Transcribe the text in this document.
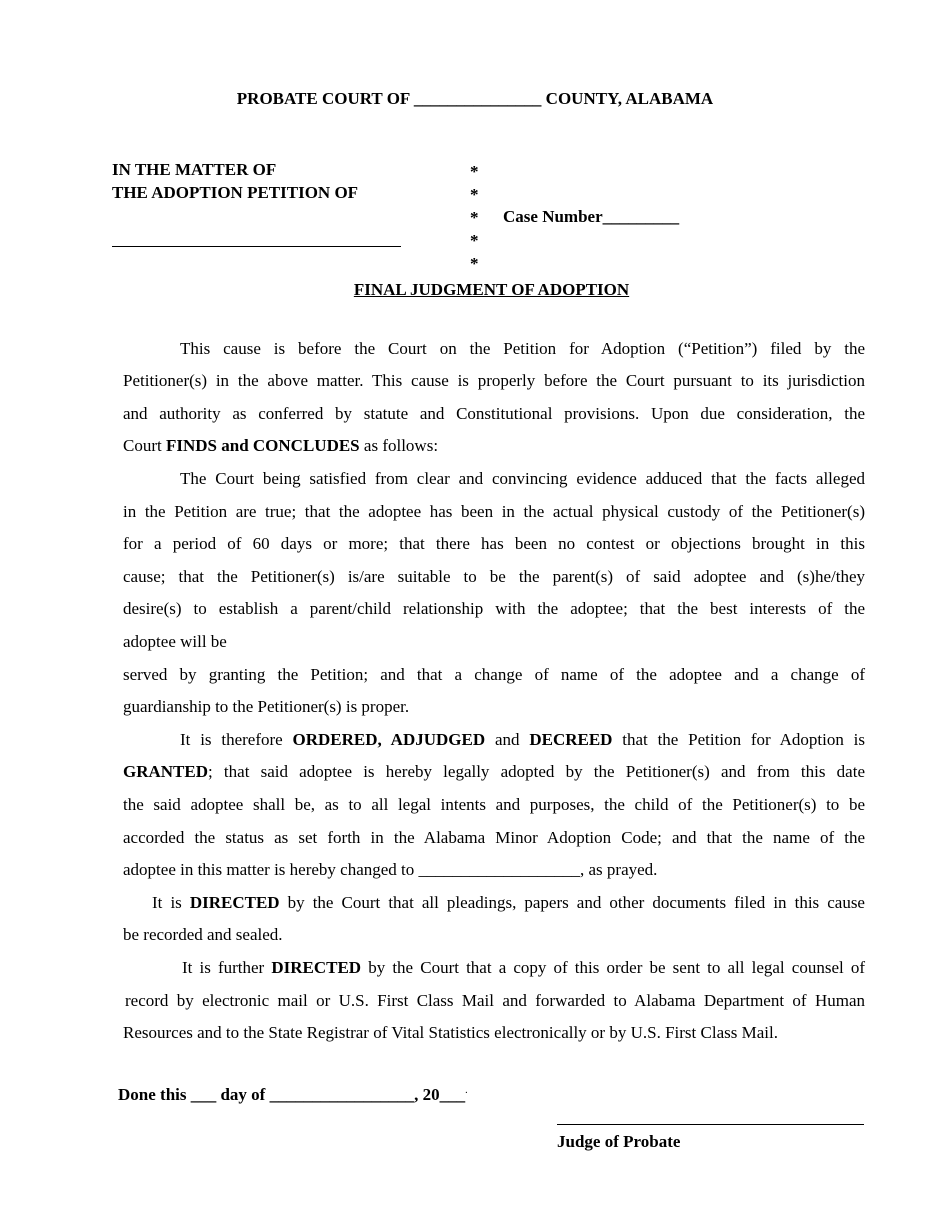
PROBATE COURT OF _______________ COUNTY, ALABAMA
IN THE MATTER OF
THE ADOPTION PETITION OF
*
*
*
*
*
Case Number_________
FINAL JUDGMENT OF ADOPTION
This cause is before the Court on the Petition for Adoption (“Petition”) filed by the
Petitioner(s) in the above matter. This cause is properly before the Court pursuant to its jurisdiction
and authority as conferred by statute and Constitutional provisions. Upon due consideration, the
Court FINDS and CONCLUDES as follows:
The Court being satisfied from clear and convincing evidence adduced that the facts alleged
in the Petition are true; that the adoptee has been in the actual physical custody of the Petitioner(s)
for a period of 60 days or more; that there has been no contest or objections brought in this
cause; that the Petitioner(s) is/are suitable to be the parent(s) of said adoptee and (s)he/they
desire(s) to establish a parent/child relationship with the adoptee; that the best interests of the
adoptee will be
served by granting the Petition; and that a change of name of the adoptee and a change of
guardianship to the Petitioner(s) is proper.
It is therefore ORDERED, ADJUDGED and DECREED that the Petition for Adoption is
GRANTED; that said adoptee is hereby legally adopted by the Petitioner(s) and from this date
the said adoptee shall be, as to all legal intents and purposes, the child of the Petitioner(s) to be
accorded the status as set forth in the Alabama Minor Adoption Code; and that the name of the
adoptee in this matter is hereby changed to ___________________, as prayed.
It is DIRECTED by the Court that all pleadings, papers and other documents filed in this cause
be recorded and sealed.
It is further DIRECTED by the Court that a copy of this order be sent to all legal counsel of
record by electronic mail or U.S. First Class Mail and forwarded to Alabama Department of Human
Resources and to the State Registrar of Vital Statistics electronically or by U.S. First Class Mail.
Done this ___ day of _________________, 20___.
Judge of Probate
